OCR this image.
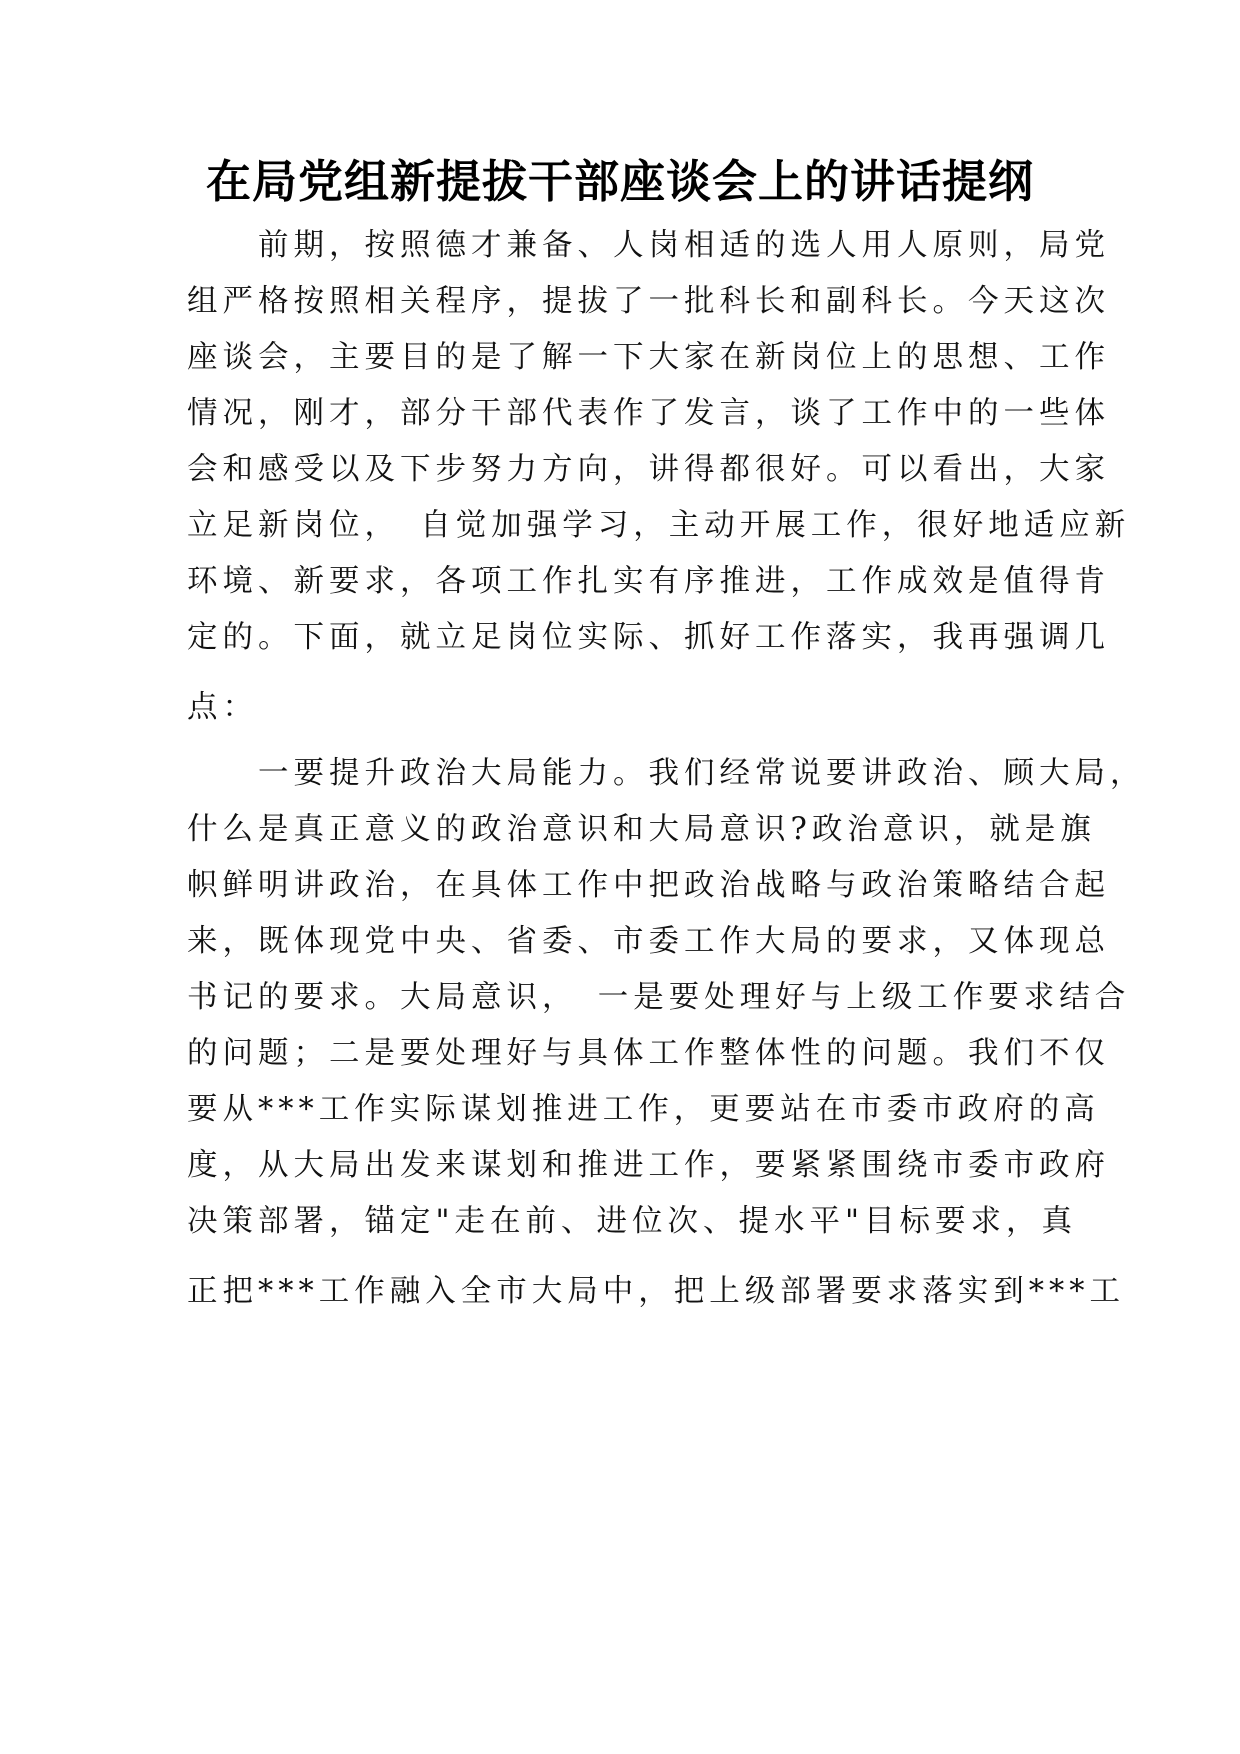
在局党组新提拔干部座谈会上的讲话提纲
　　前期，按照德才兼备、人岗相适的选人用人原则，局党
组严格按照相关程序，提拔了一批科长和副科长。今天这次
座谈会，主要目的是了解一下大家在新岗位上的思想、工作
情况，刚才，部分干部代表作了发言，谈了工作中的一些体
会和感受以及下步努力方向，讲得都很好。可以看出，大家
立足新岗位，　自觉加强学习，主动开展工作，很好地适应新
环境、新要求，各项工作扎实有序推进，工作成效是值得肯
定的。下面，就立足岗位实际、抓好工作落实，我再强调几
点：
　　一要提升政治大局能力。我们经常说要讲政治、顾大局，
什么是真正意义的政治意识和大局意识?政治意识，就是旗
帜鲜明讲政治，在具体工作中把政治战略与政治策略结合起
来，既体现党中央、省委、市委工作大局的要求，又体现总
书记的要求。大局意识，　一是要处理好与上级工作要求结合
的问题；二是要处理好与具体工作整体性的问题。我们不仅
要从***工作实际谋划推进工作，更要站在市委市政府的高
度，从大局出发来谋划和推进工作，要紧紧围绕市委市政府
决策部署，锚定"走在前、进位次、提水平"目标要求，真
正把***工作融入全市大局中，把上级部署要求落实到***工
